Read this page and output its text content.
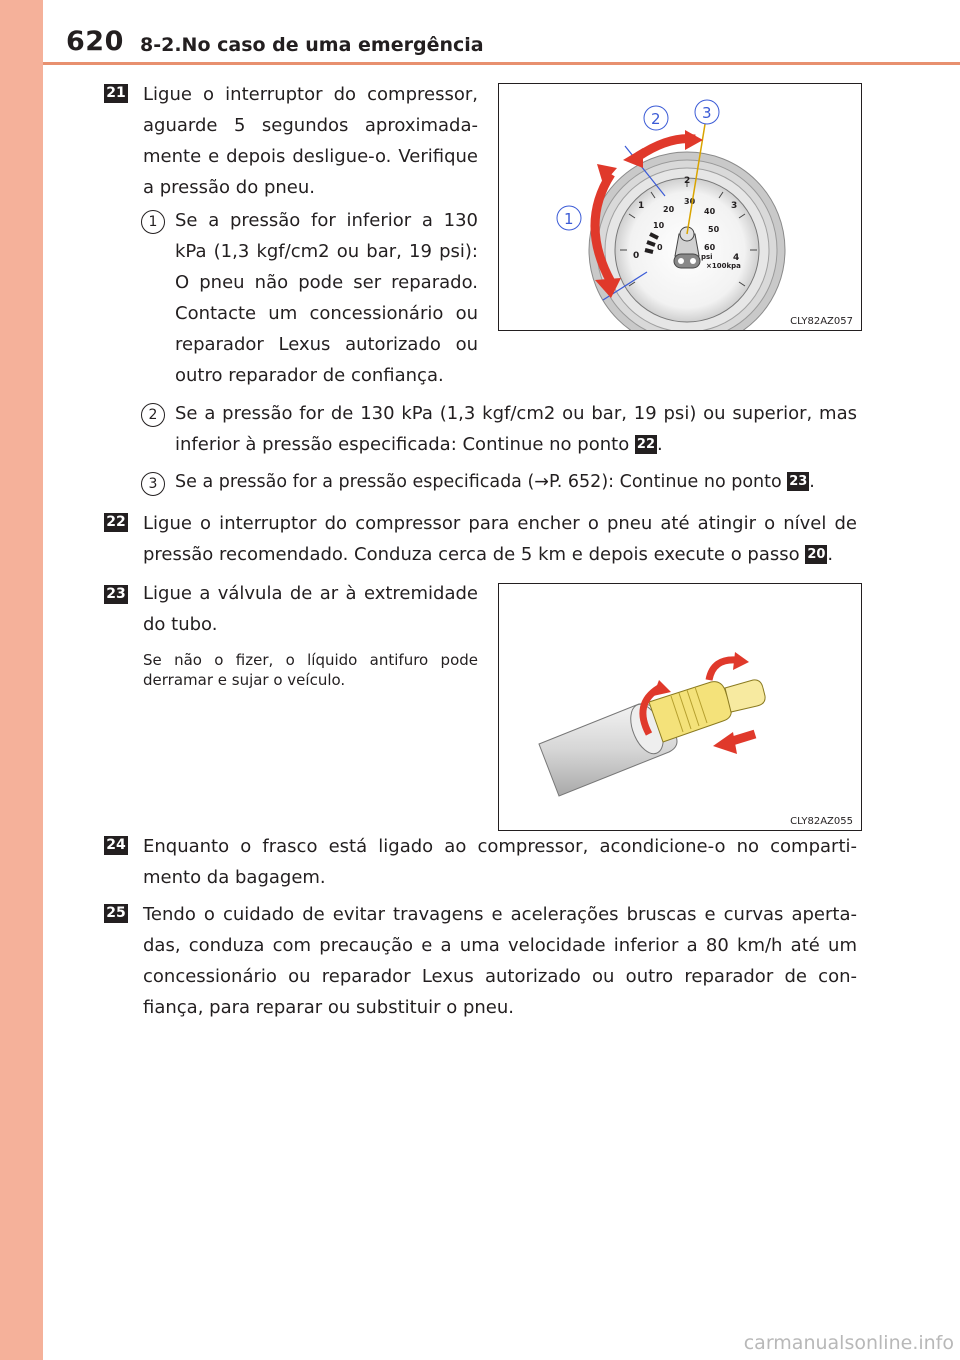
620 8-2.No caso de uma emergência
21 Ligue o interruptor do compressor, aguarde 5 segundos aproximada-mente e depois desligue-o. Verifique a pressão do pneu.
1 Se a pressão for inferior a 130 kPa (1,3 kgf/cm2 ou bar, 19 psi): O pneu não pode ser reparado. Contacte um concessionário ou reparador Lexus autorizado ou outro reparador de confiança.
2 Se a pressão for de 130 kPa (1,3 kgf/cm2 ou bar, 19 psi) ou superior, mas inferior à pressão especificada: Continue no ponto 22 .
3	Se a pressão for a pressão especificada (→P. 652): Continue no ponto 23 .
0
1
2
3
4
0
10
20
30
40
50
60
psi
×100kpa
1
2	3
CLY82AZ057
22 Ligue o interruptor do compressor para encher o pneu até atingir o nível de pressão recomendado. Conduza cerca de 5 km e depois execute o passo 20 .
23 Ligue a válvula de ar à extremidade do tubo.
Se não o fizer, o líquido antifuro pode derramar e sujar o veículo.
CLY82AZ055
24 Enquanto o frasco está ligado ao compressor, acondicione-o no comparti-mento da bagagem.
25 Tendo o cuidado de evitar travagens e acelerações bruscas e curvas aperta-das, conduza com precaução e a uma velocidade inferior a 80 km/h até um concessionário ou reparador Lexus autorizado ou outro reparador de con-fiança, para reparar ou substituir o pneu.
carmanualsonline.info
